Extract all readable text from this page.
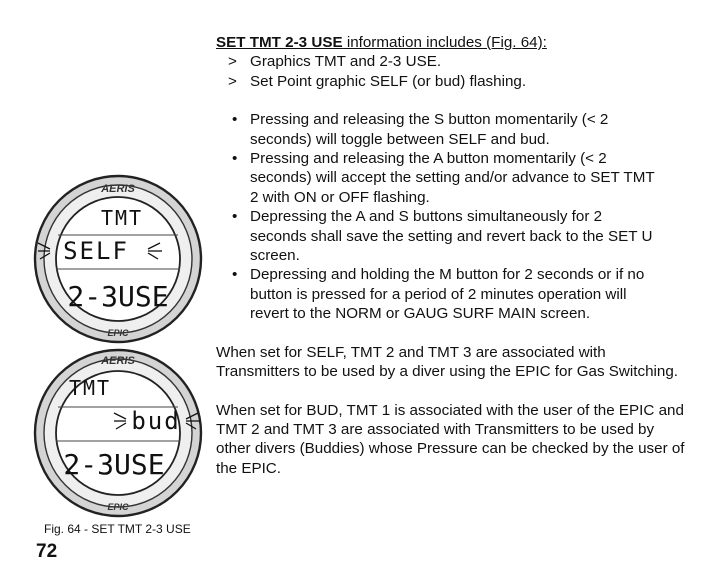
AERIS
EPIC
TMT
SELF
2-3USE
AERIS
EPIC
TMT
bud
2-3USE
SET TMT 2-3 USE information includes (Fig. 64):
> Graphics TMT and 2-3 USE.
> Set Point graphic SELF (or bud) flashing.
• Pressing and releasing the S button momentarily (< 2 seconds) will toggle between SELF and bud.
• Pressing and releasing the A button momentarily (< 2 seconds) will accept the setting and/or advance to SET TMT 2 with ON or OFF flashing.
• Depressing the A and S buttons simultaneously for 2 seconds shall save the setting and revert back to the SET U screen.
• Depressing and holding the M button for 2 seconds or if no button is pressed for a period of 2 minutes operation will revert to the NORM or GAUG SURF MAIN screen.

When set for SELF, TMT 2 and TMT 3 are associated with Transmitters to be used by a diver using the EPIC for Gas Switching.

When set for BUD, TMT 1 is associated with the user of the EPIC and TMT 2 and TMT 3 are associated with Transmitters to be used by other divers (Buddies) whose Pressure can be checked by the user of the EPIC.

Fig. 64 - SET TMT 2-3 USE
72
